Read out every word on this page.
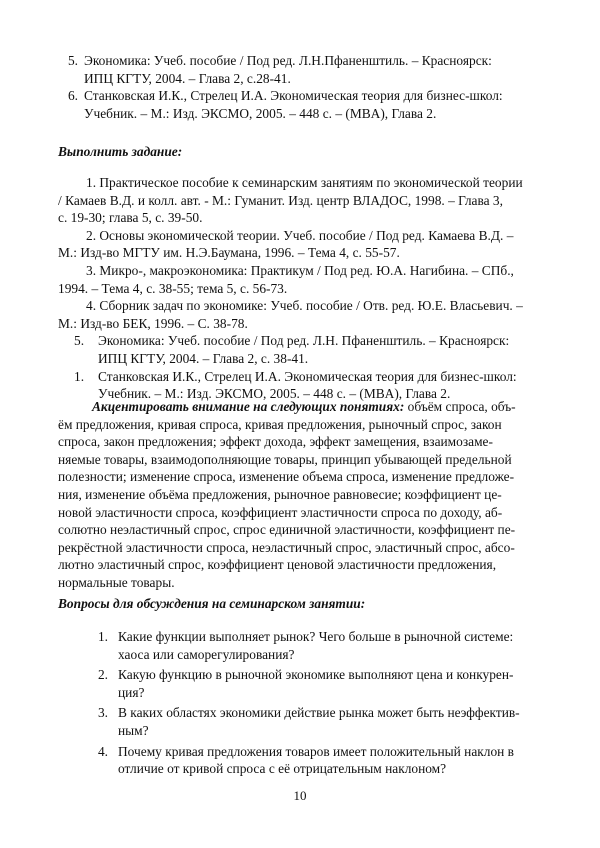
5. Экономика: Учеб. пособие / Под ред. Л.Н.Пфаненштиль. – Красноярск:
ИПЦ КГТУ, 2004. – Глава 2, с.28-41.
6. Станковская И.К., Стрелец И.А. Экономическая теория для бизнес-школ:
Учебник. – М.: Изд. ЭКСМО, 2005. – 448 с. – (MBA), Глава 2.
Выполнить задание:
1. Практическое пособие к семинарским занятиям по экономической теории
/ Камаев В.Д. и колл. авт. - М.: Гуманит. Изд. центр ВЛАДОС, 1998. – Глава 3,
с. 19-30; глава 5, с. 39-50.
2. Основы экономической теории. Учеб. пособие / Под ред. Камаева В.Д. –
М.: Изд-во МГТУ им. Н.Э.Баумана, 1996. – Тема 4, с. 55-57.
3. Микро-, макроэкономика: Практикум / Под ред. Ю.А. Нагибина. – СПб.,
1994. – Тема 4, с. 38-55; тема 5, с. 56-73.
4. Сборник задач по экономике: Учеб. пособие / Отв. ред. Ю.Е. Власьевич. –
М.: Изд-во БЕК, 1996. – С. 38-78.
5.	Экономика: Учеб. пособие / Под ред. Л.Н. Пфаненштиль. – Красноярск:
ИПЦ КГТУ, 2004. – Глава 2, с. 38-41.
1.	Станковская И.К., Стрелец И.А. Экономическая теория для бизнес-школ:
Учебник. – М.: Изд. ЭКСМО, 2005. – 448 с. – (MBA), Глава 2.
Акцентировать внимание на следующих понятиях: объём спроса, объ-
ём предложения, кривая спроса, кривая предложения, рыночный спрос, закон
спроса, закон предложения; эффект дохода, эффект замещения, взаимозаме-
няемые товары, взаимодополняющие товары, принцип убывающей предельной
полезности; изменение спроса, изменение объема спроса, изменение предложе-
ния, изменение объёма предложения, рыночное равновесие; коэффициент це-
новой эластичности спроса, коэффициент эластичности спроса по доходу, аб-
солютно неэластичный спрос, спрос единичной эластичности, коэффициент пе-
рекрёстной эластичности спроса, неэластичный спрос, эластичный спрос, абсо-
лютно эластичный спрос, коэффициент ценовой эластичности предложения,
нормальные товары.
Вопросы для обсуждения на семинарском занятии:
1. Какие функции выполняет рынок? Чего больше в рыночной системе:
хаоса или саморегулирования?
2. Какую функцию в рыночной экономике выполняют цена и конкурен-
ция?
3. В каких областях экономики действие рынка может быть неэффектив-
ным?
4. Почему кривая предложения товаров имеет положительный наклон в
отличие от кривой спроса с её отрицательным наклоном?
10
